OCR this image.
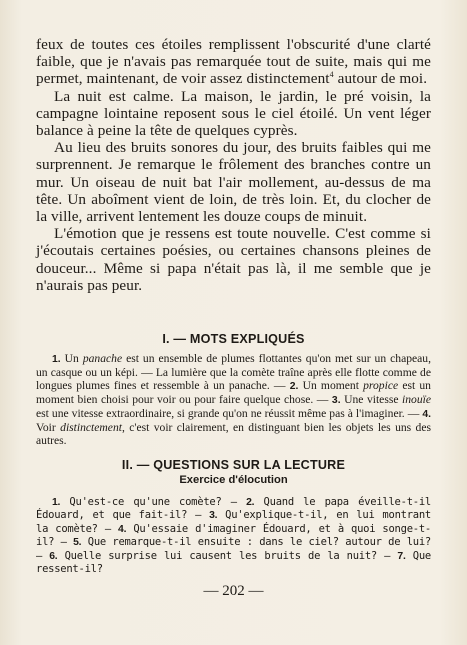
feux de toutes ces étoiles remplissent l'obscurité d'une clarté faible, que je n'avais pas remarquée tout de suite, mais qui me permet, maintenant, de voir assez distinctement$^4$ autour de moi.

La nuit est calme. La maison, le jardin, le pré voisin, la campagne lointaine reposent sous le ciel étoilé. Un vent léger balance à peine la tête de quelques cyprès.

Au lieu des bruits sonores du jour, des bruits faibles qui me surprennent. Je remarque le frôlement des branches contre un mur. Un oiseau de nuit bat l'air mollement, au-dessus de ma tête. Un aboîment vient de loin, de très loin. Et, du clocher de la ville, arrivent lentement les douze coups de minuit.

L'émotion que je ressens est toute nouvelle. C'est comme si j'écoutais certaines poésies, ou certaines chansons pleines de douceur... Même si papa n'était pas là, il me semble que je n'aurais pas peur.

I. — MOTS EXPLIQUÉS

1. Un panache est un ensemble de plumes flottantes qu'on met sur un chapeau, un casque ou un képi. — La lumière que la comète traîne après elle flotte comme de longues plumes fines et ressemble à un panache. — 2. Un moment propice est un moment bien choisi pour voir ou pour faire quelque chose. — 3. Une vitesse inouïe est une vitesse extraordinaire, si grande qu'on ne réussit même pas à l'imaginer. — 4. Voir distinctement, c'est voir clairement, en distinguant bien les objets les uns des autres.

II. — QUESTIONS SUR LA LECTURE
Exercice d'élocution

1. Qu'est-ce qu'une comète? — 2. Quand le papa éveille-t-il Édouard, et que fait-il? — 3. Qu'explique-t-il, en lui montrant la comète? — 4. Qu'essaie d'imaginer Édouard, et à quoi songe-t-il? — 5. Que remarque-t-il ensuite : dans le ciel? autour de lui? — 6. Quelle surprise lui causent les bruits de la nuit? — 7. Que ressent-il?

— 202 —
